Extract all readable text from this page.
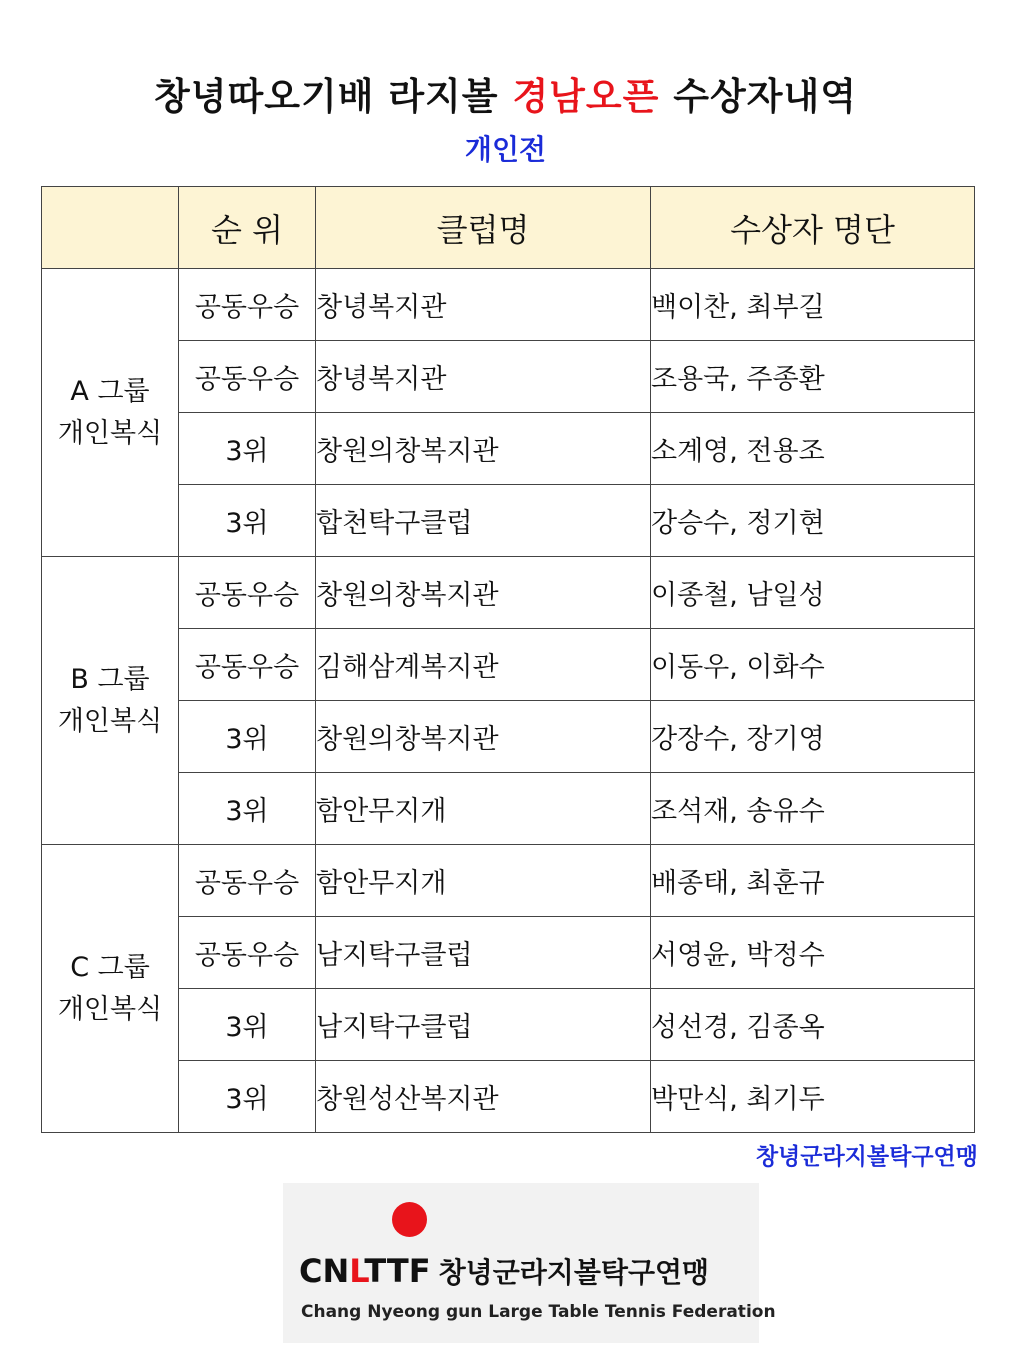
창녕따오기배 라지볼 경남오픈 수상자내역
개인전
	순 위	클럽명	수상자 명단

A 그룹
개인복식	공동우승	창녕복지관	백이찬, 최부길
	공동우승	창녕복지관	조용국, 주종환
	3위	창원의창복지관	소계영, 전용조
	3위	합천탁구클럽	강승수, 정기현

B 그룹
개인복식	공동우승	창원의창복지관	이종철, 남일성
	공동우승	김해삼계복지관	이동우, 이화수
	3위	창원의창복지관	강장수, 장기영
	3위	함안무지개	조석재, 송유수

C 그룹
개인복식	공동우승	함안무지개	배종태, 최훈규
	공동우승	남지탁구클럽	서영윤, 박정수
	3위	남지탁구클럽	성선경, 김종옥
	3위	창원성산복지관	박만식, 최기두
창녕군라지볼탁구연맹
CNLTTF 창녕군라지볼탁구연맹
Chang Nyeong gun Large Table Tennis Federation
